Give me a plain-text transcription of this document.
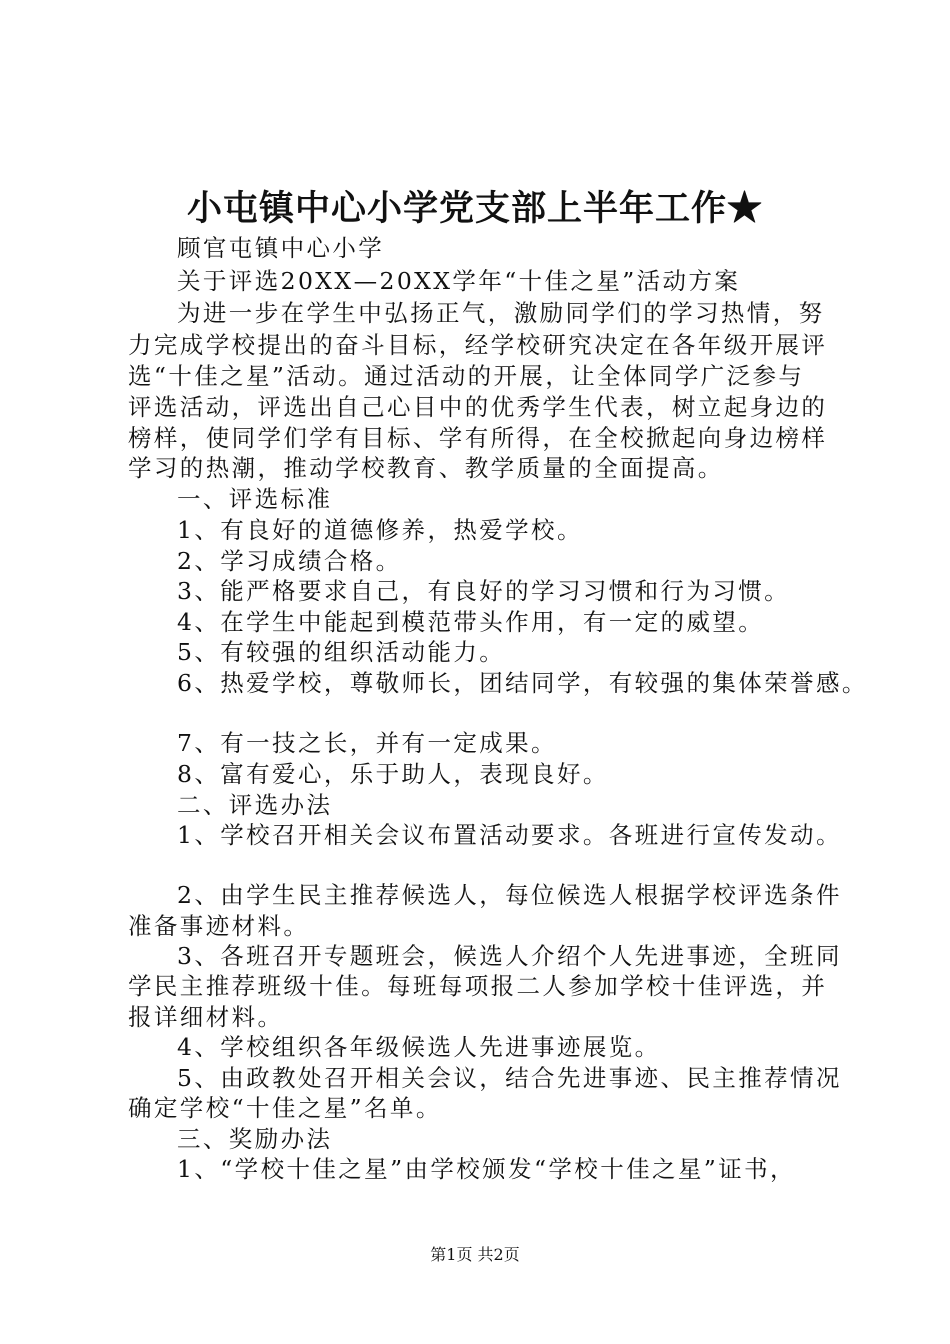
小屯镇中心小学党支部上半年工作★
顾官屯镇中心小学
关于评选20XX—20XX学年“十佳之星”活动方案
为进一步在学生中弘扬正气，激励同学们的学习热情，努
力完成学校提出的奋斗目标，经学校研究决定在各年级开展评
选“十佳之星”活动。通过活动的开展，让全体同学广泛参与
评选活动，评选出自己心目中的优秀学生代表，树立起身边的
榜样，使同学们学有目标、学有所得，在全校掀起向身边榜样
学习的热潮，推动学校教育、教学质量的全面提高。
一、评选标准
1、有良好的道德修养，热爱学校。
2、学习成绩合格。
3、能严格要求自己，有良好的学习习惯和行为习惯。
4、在学生中能起到模范带头作用，有一定的威望。
5、有较强的组织活动能力。
6、热爱学校，尊敬师长，团结同学，有较强的集体荣誉感。
7、有一技之长，并有一定成果。
8、富有爱心，乐于助人，表现良好。
二、评选办法
1、学校召开相关会议布置活动要求。各班进行宣传发动。
2、由学生民主推荐候选人，每位候选人根据学校评选条件
准备事迹材料。
3、各班召开专题班会，候选人介绍个人先进事迹，全班同
学民主推荐班级十佳。每班每项报二人参加学校十佳评选，并
报详细材料。
4、学校组织各年级候选人先进事迹展览。
5、由政教处召开相关会议，结合先进事迹、民主推荐情况
确定学校“十佳之星”名单。
三、奖励办法
1、“学校十佳之星”由学校颁发“学校十佳之星”证书，
第1页 共2页
